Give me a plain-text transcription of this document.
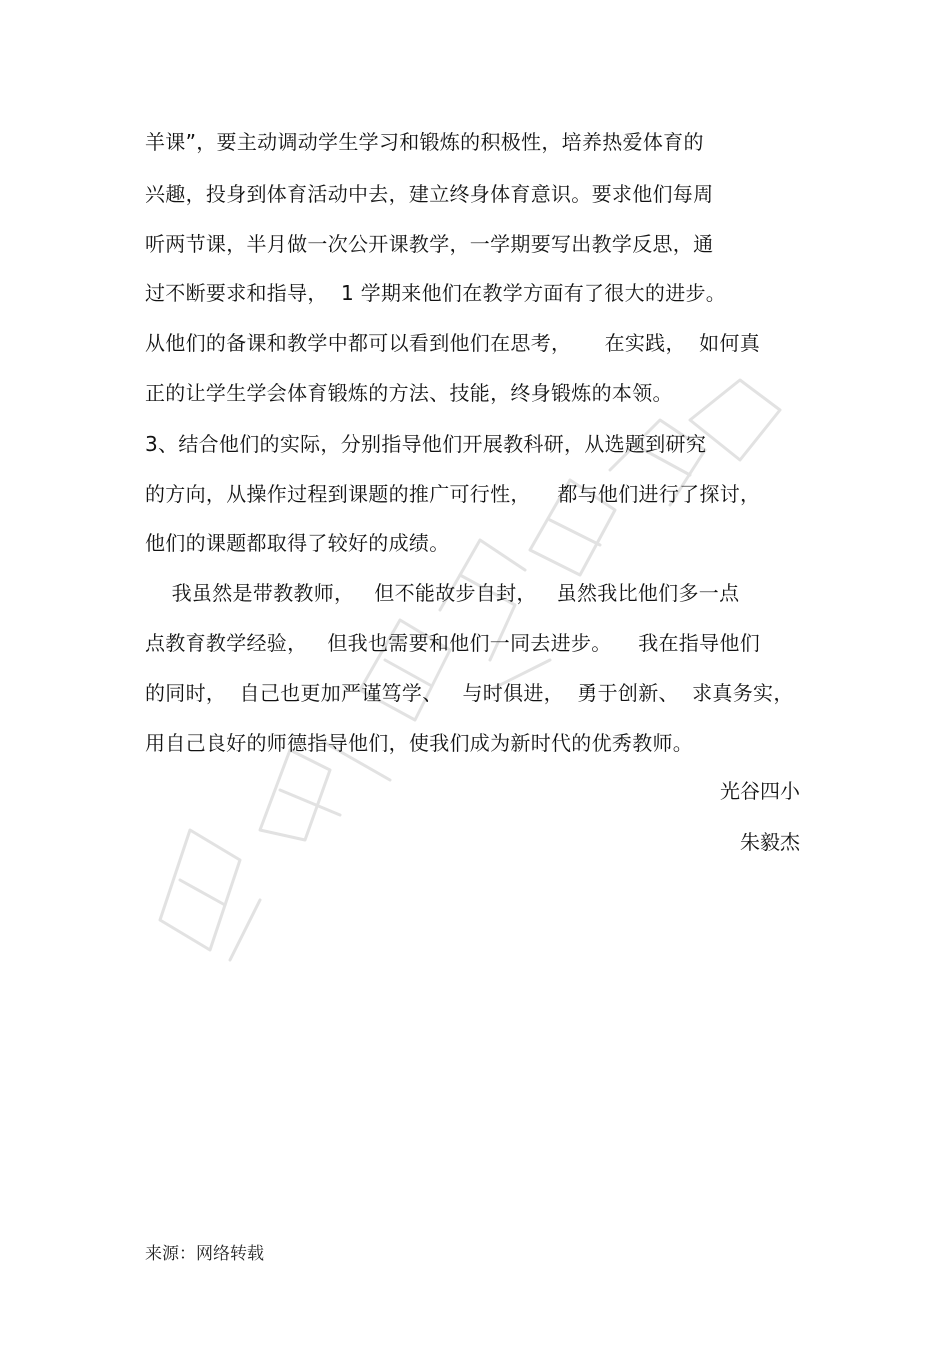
羊课”，要主动调动学生学习和锻炼的积极性，培养热爱体育的
兴趣，投身到体育活动中去，建立终身体育意识。要求他们每周
听两节课，半月做一次公开课教学，一学期要写出教学反思，通
过不断要求和指导，  1 学期来他们在教学方面有了很大的进步。
从他们的备课和教学中都可以看到他们在思考，     在实践，  如何真
正的让学生学会体育锻炼的方法、技能，终身锻炼的本领。
3、结合他们的实际，分别指导他们开展教科研，从选题到研究
的方向，从操作过程到课题的推广可行性，    都与他们进行了探讨，
他们的课题都取得了较好的成绩。
我虽然是带教教师，   但不能故步自封，   虽然我比他们多一点
点教育教学经验，   但我也需要和他们一同去进步。    我在指导他们
的同时，  自己也更加严谨笃学、   与时俱进，  勇于创新、  求真务实，
用自己良好的师德指导他们，使我们成为新时代的优秀教师。
光谷四小
朱毅杰
来源：网络转载
